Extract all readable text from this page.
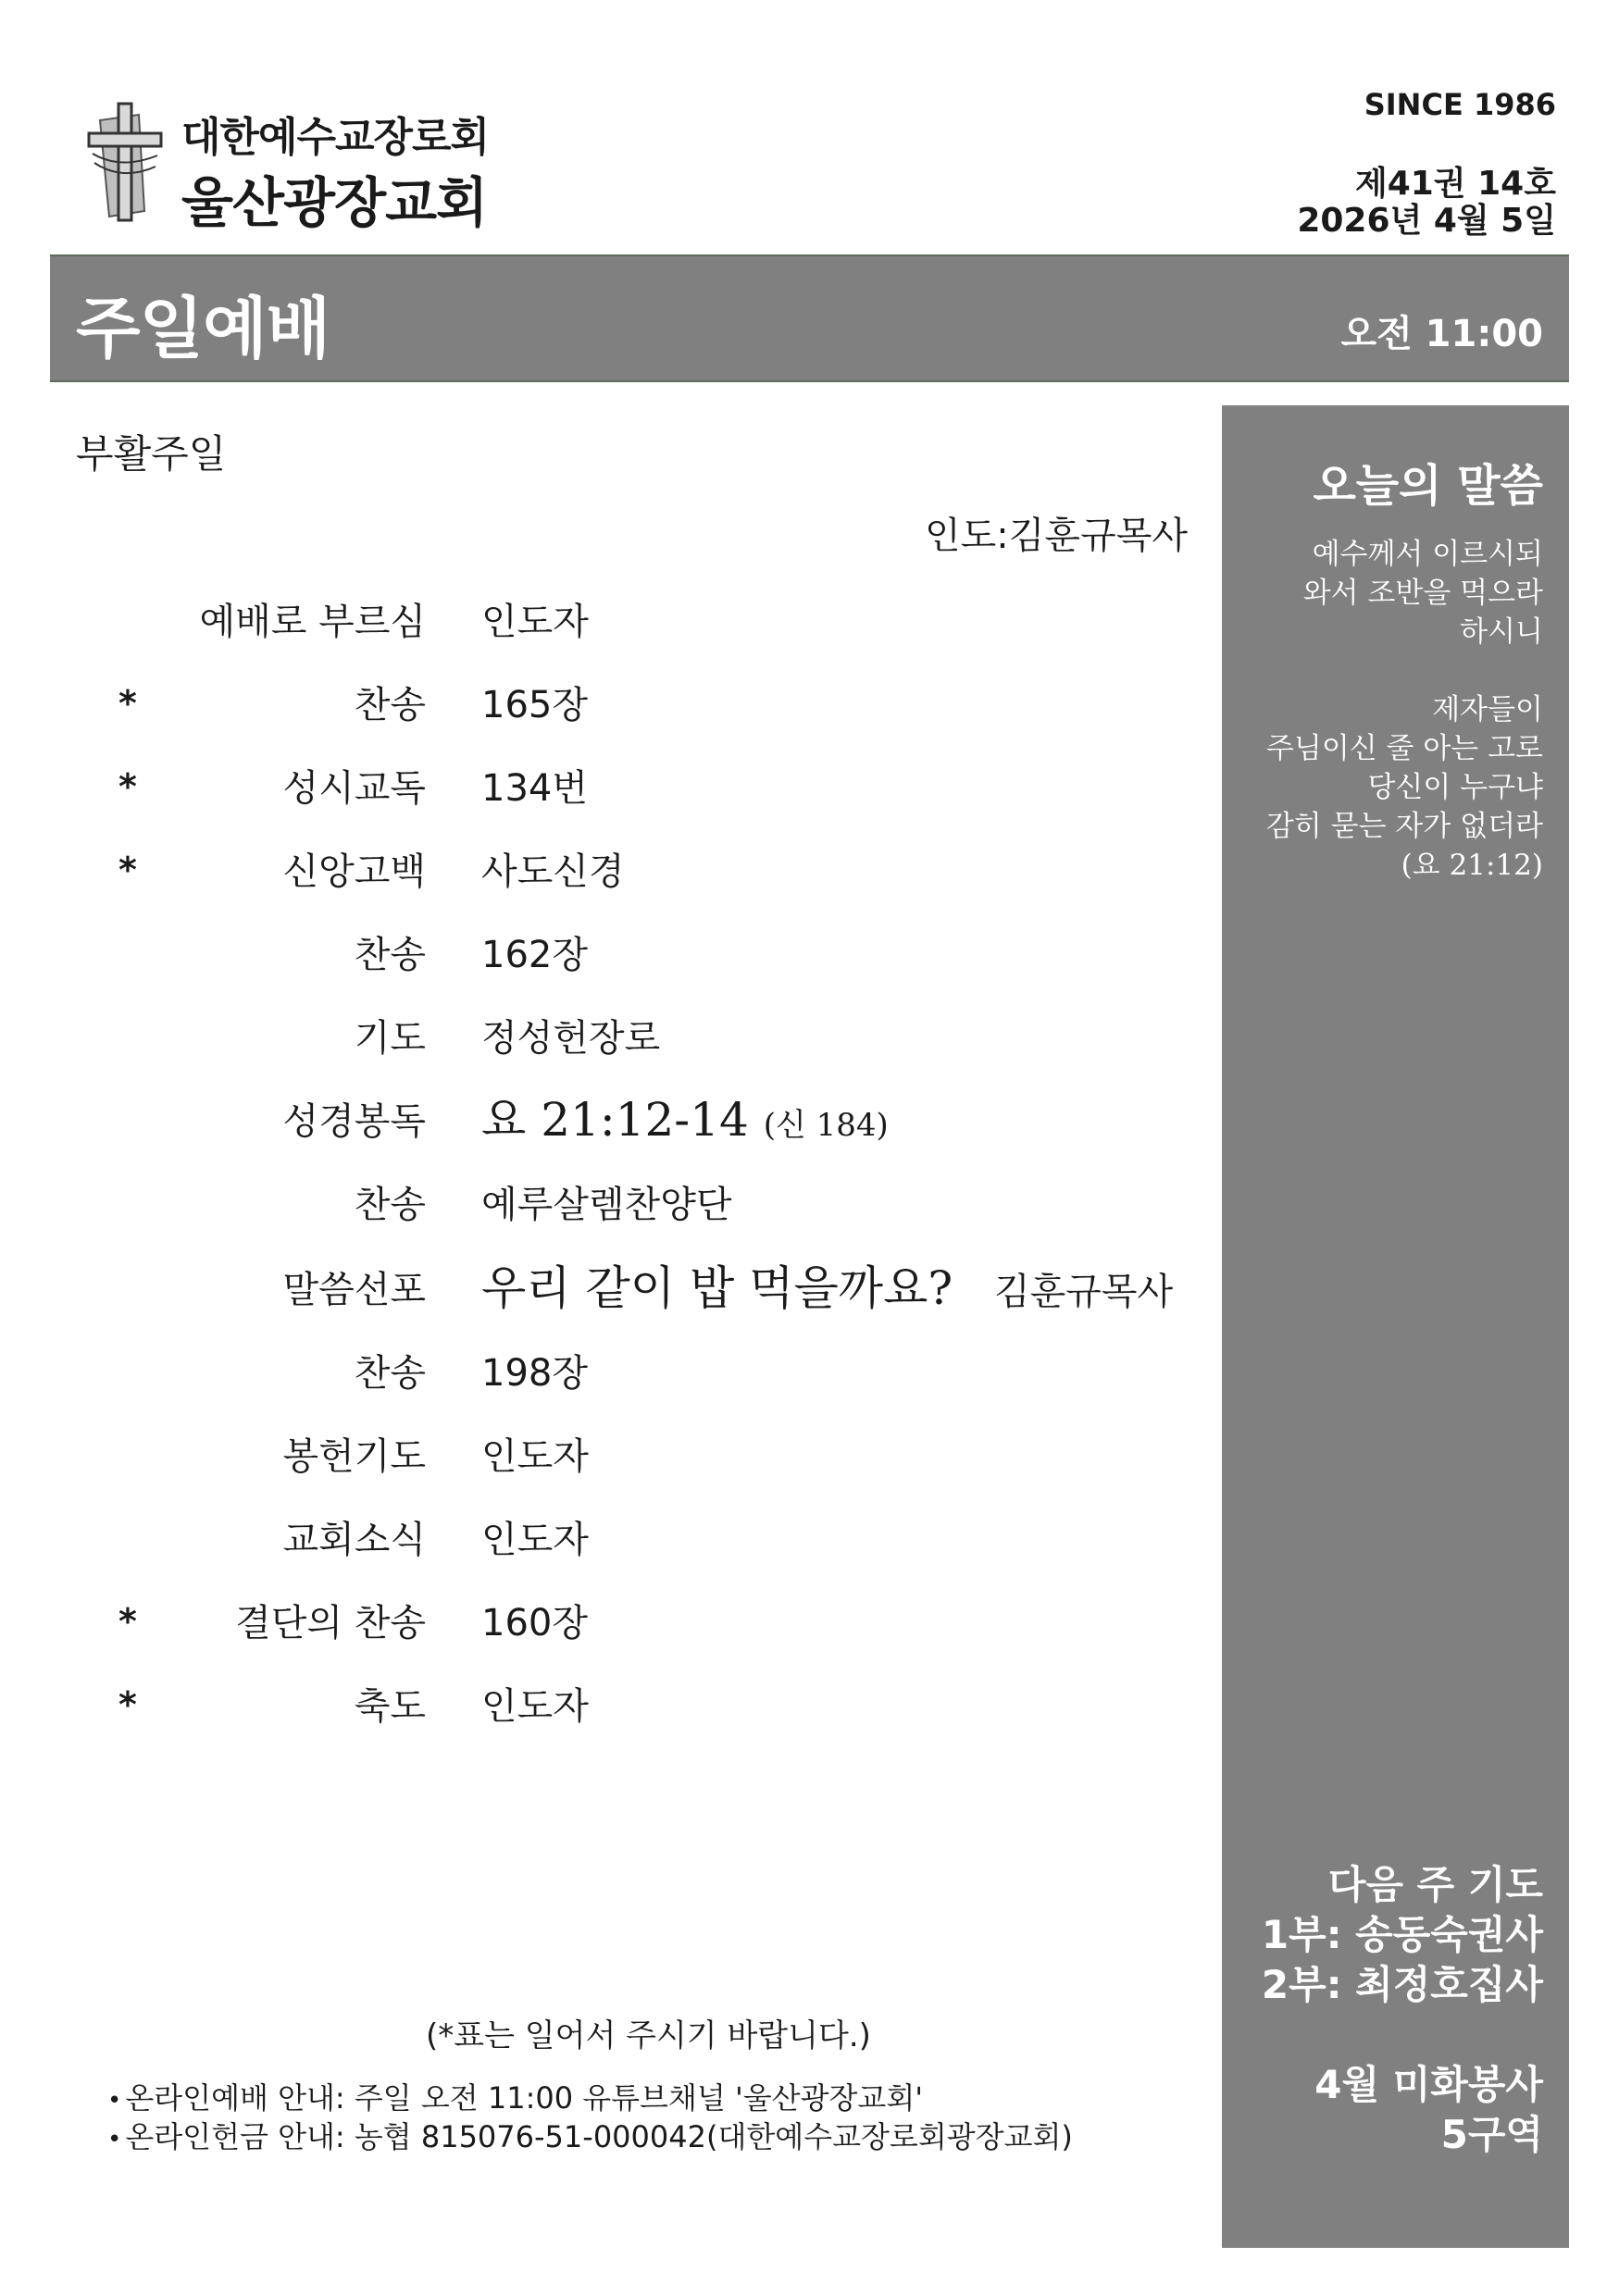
대한예수교장로회
울산광장교회
SINCE 1986
제41권 14호
2026년 4월 5일
주일예배	오전 11:00
부활주일
인도:김훈규목사
예배로 부르심 인도자
*	찬송 165장
*	성시교독 134번
*	신앙고백 사도신경
찬송 162장
기도 정성헌장로
성경봉독 요 21:12-14 (신 184)
찬송 예루살렘찬양단
말씀선포 우리 같이 밥 먹을까요? 김훈규목사
찬송 198장
봉헌기도 인도자
교회소식 인도자
*	결단의 찬송 160장
*	축도 인도자
(*표는 일어서 주시기 바랍니다.)
• 온라인예배 안내: 주일 오전 11:00 유튜브채널 '울산광장교회'
• 온라인헌금 안내: 농협 815076-51-000042(대한예수교장로회광장교회)
오늘의 말씀
예수께서 이르시되
와서 조반을 먹으라
하시니
제자들이
주님이신 줄 아는 고로
당신이 누구냐
감히 묻는 자가 없더라
(요 21:12)
다음 주 기도
1부: 송동숙권사
2부: 최정호집사
4월 미화봉사
5구역
